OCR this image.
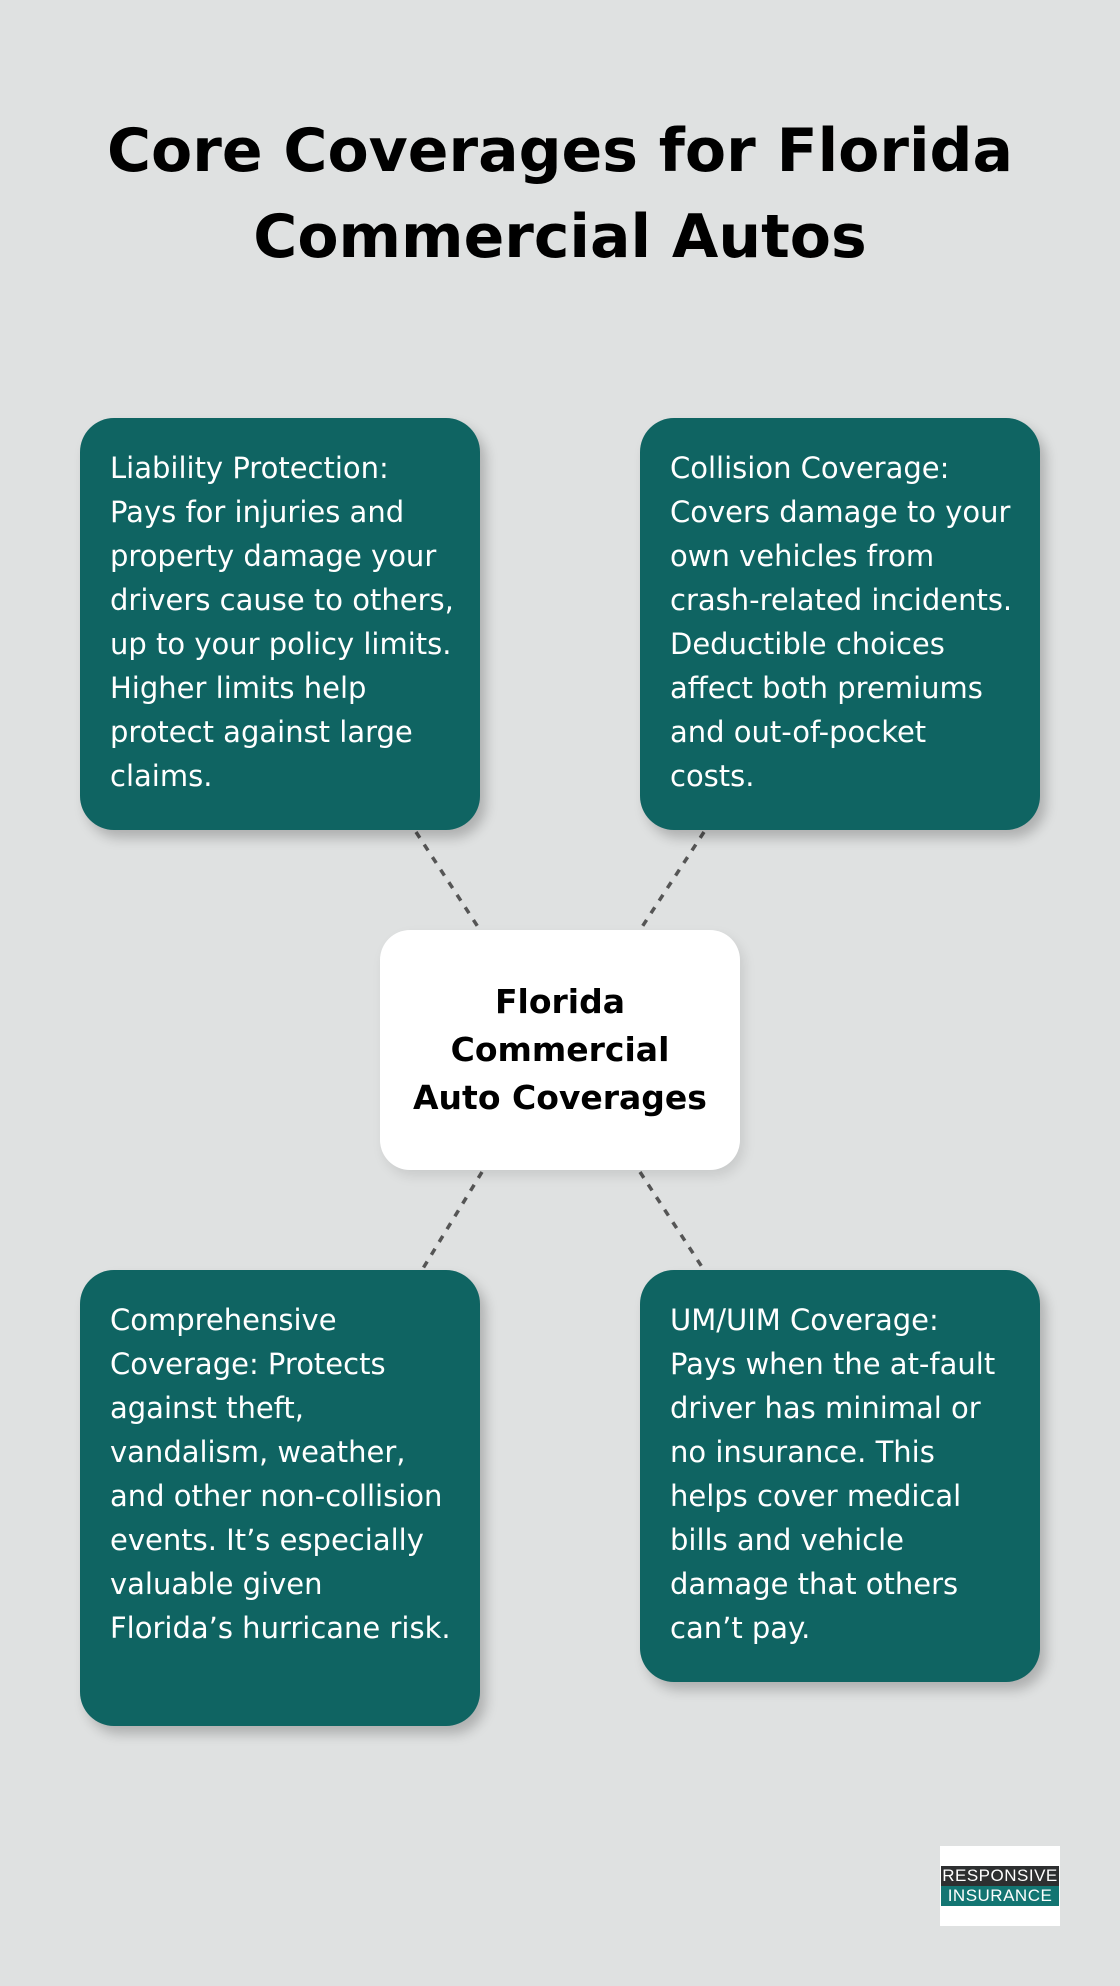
Core Coverages for Florida Commercial Autos
Liability Protection: Pays for injuries and property damage your drivers cause to others, up to your policy limits. Higher limits help protect against large claims.
Collision Coverage: Covers damage to your own vehicles from crash-related incidents. Deductible choices affect both premiums and out-of-pocket costs.
Florida Commercial Auto Coverages
Comprehensive Coverage: Protects against theft, vandalism, weather, and other non-collision events. It’s especially valuable given Florida’s hurricane risk.
UM/UIM Coverage: Pays when the at-fault driver has minimal or no insurance. This helps cover medical bills and vehicle damage that others can’t pay.
RESPONSIVE
INSURANCE
